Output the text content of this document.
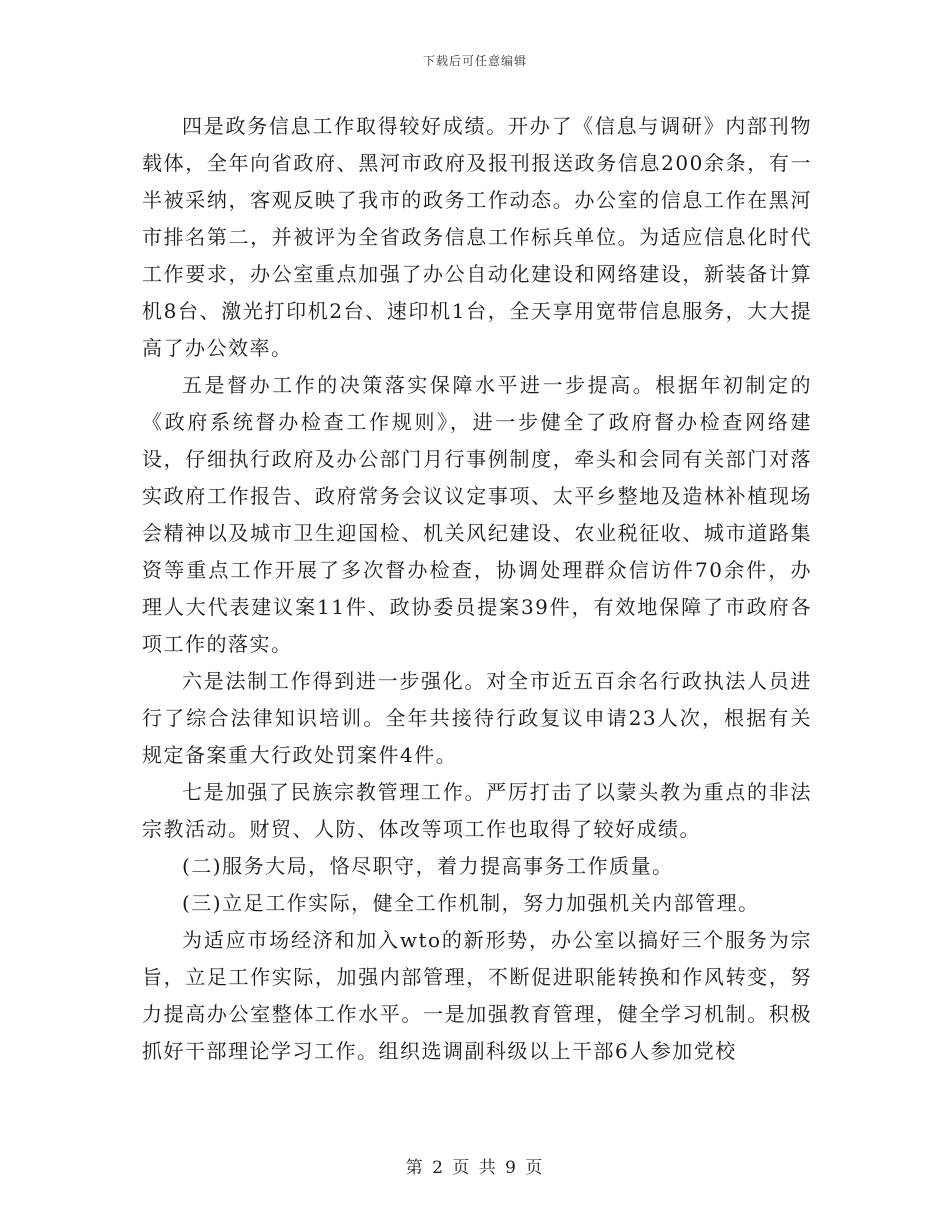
下载后可任意编辑

四是政务信息工作取得较好成绩。开办了《信息与调研》内部刊物载体，全年向省政府、黑河市政府及报刊报送政务信息200余条，有一半被采纳，客观反映了我市的政务工作动态。办公室的信息工作在黑河市排名第二，并被评为全省政务信息工作标兵单位。为适应信息化时代工作要求，办公室重点加强了办公自动化建设和网络建设，新装备计算机8台、激光打印机2台、速印机1台，全天享用宽带信息服务，大大提高了办公效率。

五是督办工作的决策落实保障水平进一步提高。根据年初制定的《政府系统督办检查工作规则》，进一步健全了政府督办检查网络建设，仔细执行政府及办公部门月行事例制度，牵头和会同有关部门对落实政府工作报告、政府常务会议议定事项、太平乡整地及造林补植现场会精神以及城市卫生迎国检、机关风纪建设、农业税征收、城市道路集资等重点工作开展了多次督办检查，协调处理群众信访件70余件，办理人大代表建议案11件、政协委员提案39件，有效地保障了市政府各项工作的落实。

六是法制工作得到进一步强化。对全市近五百余名行政执法人员进行了综合法律知识培训。全年共接待行政复议申请23人次，根据有关规定备案重大行政处罚案件4件。

七是加强了民族宗教管理工作。严厉打击了以蒙头教为重点的非法宗教活动。财贸、人防、体改等项工作也取得了较好成绩。

(二)服务大局，恪尽职守，着力提高事务工作质量。

(三)立足工作实际，健全工作机制，努力加强机关内部管理。

为适应市场经济和加入wto的新形势，办公室以搞好三个服务为宗旨，立足工作实际，加强内部管理，不断促进职能转换和作风转变，努力提高办公室整体工作水平。一是加强教育管理，健全学习机制。积极抓好干部理论学习工作。组织选调副科级以上干部6人参加党校

第 2 页 共 9 页
